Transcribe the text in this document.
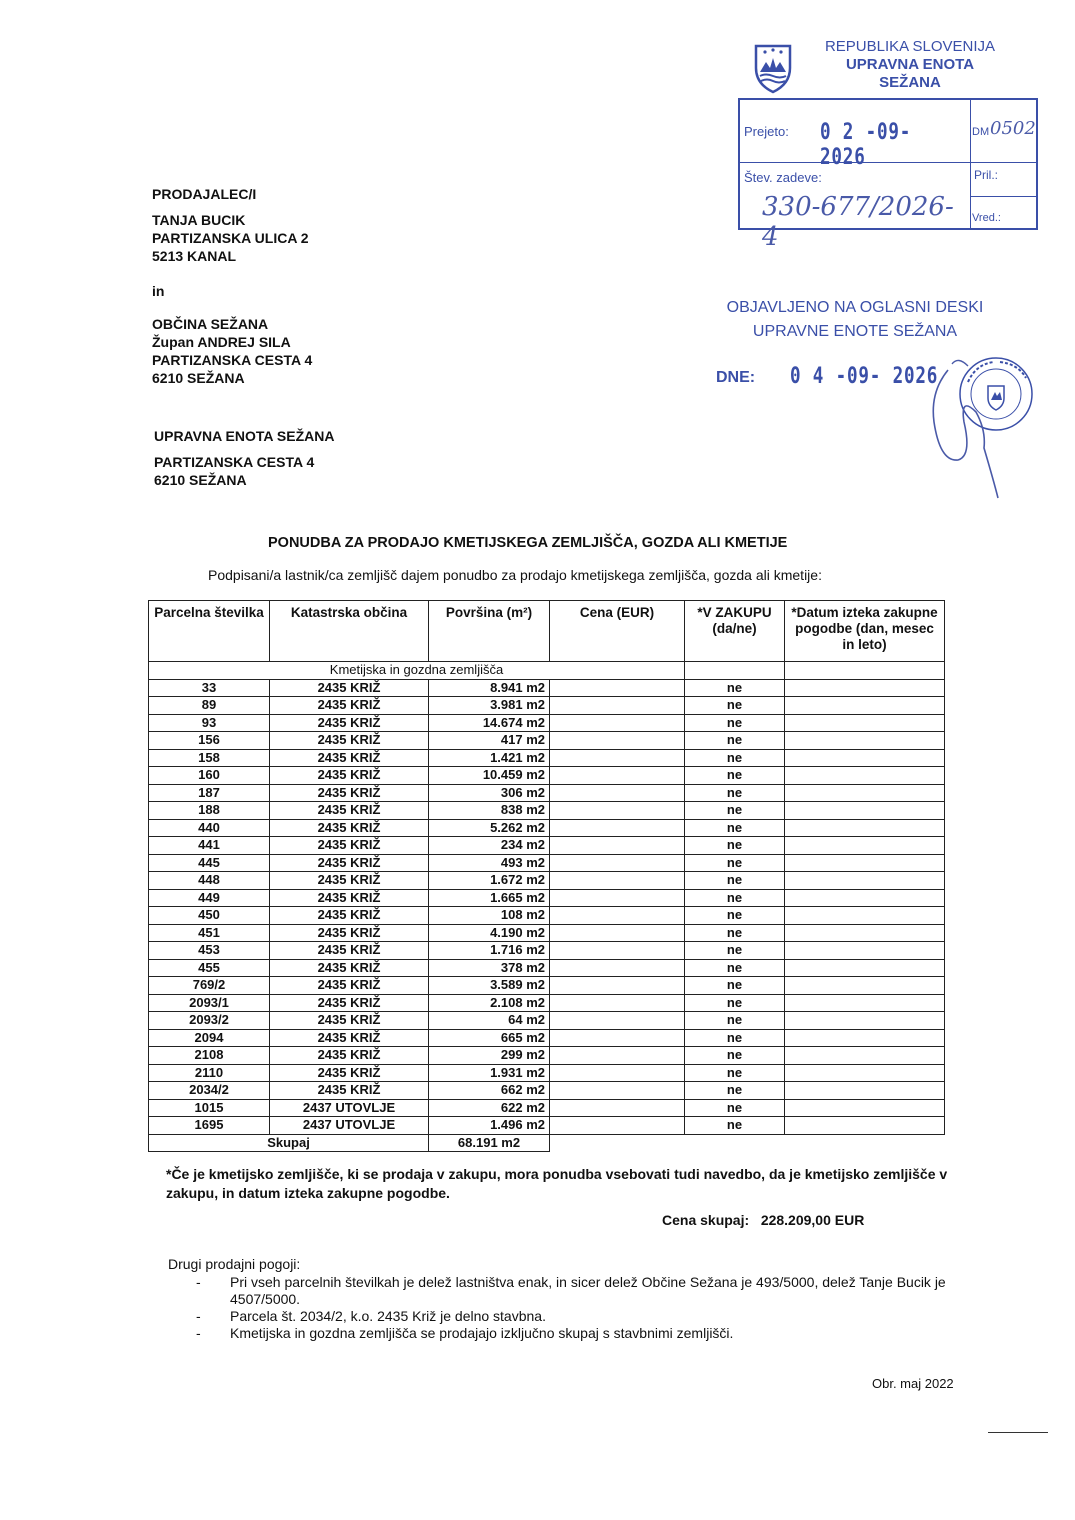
REPUBLIKA SLOVENIJA
UPRAVNA ENOTA
SEŽANA
Prejeto: 0 2 -09- 2026
Štev. zadeve:
330-677/2026-4
DM 0502
Pril.:
Vred.:
OBJAVLJENO NA OGLASNI DESKI
UPRAVNE ENOTE SEŽANA
DNE: 0 4 -09- 2026
PRODAJALEC/I
TANJA BUCIK
PARTIZANSKA ULICA 2
5213 KANAL
in
OBČINA SEŽANA
Župan ANDREJ SILA
PARTIZANSKA CESTA 4
6210 SEŽANA
UPRAVNA ENOTA SEŽANA
PARTIZANSKA CESTA 4
6210 SEŽANA
PONUDBA ZA PRODAJO KMETIJSKEGA ZEMLJIŠČA, GOZDA ALI KMETIJE
Podpisani/a lastnik/ca zemljišč dajem ponudbo za prodajo kmetijskega zemljišča, gozda ali kmetije:
Parcelna številka	Katastrska občina	Površina (m²)	Cena (EUR)	*V ZAKUPU (da/ne)	*Datum izteka zakupne pogodbe (dan, mesec in leto)
Kmetijska in gozdna zemljišča					
33	2435 KRIŽ	8.941 m2		ne	
89	2435 KRIŽ	3.981 m2		ne	
93	2435 KRIŽ	14.674 m2		ne	
156	2435 KRIŽ	417 m2		ne	
158	2435 KRIŽ	1.421 m2		ne	
160	2435 KRIŽ	10.459 m2		ne	
187	2435 KRIŽ	306 m2		ne	
188	2435 KRIŽ	838 m2		ne	
440	2435 KRIŽ	5.262 m2		ne	
441	2435 KRIŽ	234 m2		ne	
445	2435 KRIŽ	493 m2		ne	
448	2435 KRIŽ	1.672 m2		ne	
449	2435 KRIŽ	1.665 m2		ne	
450	2435 KRIŽ	108 m2		ne	
451	2435 KRIŽ	4.190 m2		ne	
453	2435 KRIŽ	1.716 m2		ne	
455	2435 KRIŽ	378 m2		ne	
769/2	2435 KRIŽ	3.589 m2		ne	
2093/1	2435 KRIŽ	2.108 m2		ne	
2093/2	2435 KRIŽ	64 m2		ne	
2094	2435 KRIŽ	665 m2		ne	
2108	2435 KRIŽ	299 m2		ne	
2110	2435 KRIŽ	1.931 m2		ne	
2034/2	2435 KRIŽ	662 m2		ne	
1015	2437 UTOVLJE	622 m2		ne	
1695	2437 UTOVLJE	1.496 m2		ne	
Skupaj		68.191 m2			
*Če je kmetijsko zemljišče, ki se prodaja v zakupu, mora ponudba vsebovati tudi navedbo, da je kmetijsko zemljišče v zakupu, in datum izteka zakupne pogodbe.
Cena skupaj: 228.209,00 EUR
Drugi prodajni pogoji:
-	Pri vseh parcelnih številkah je delež lastništva enak, in sicer delež Občine Sežana je 493/5000, delež Tanje Bucik je 4507/5000.
-	Parcela št. 2034/2, k.o. 2435 Križ je delno stavbna.
-	Kmetijska in gozdna zemljišča se prodajajo izključno skupaj s stavbnimi zemljišči.
Obr. maj 2022
